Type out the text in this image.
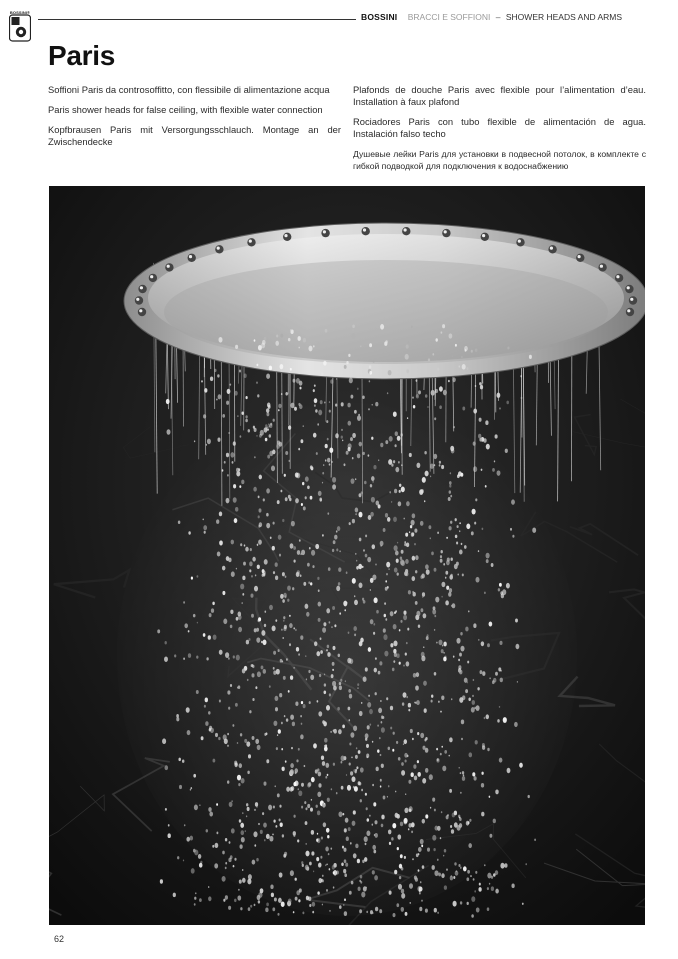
BOSSINI®	BOSSINI BRACCI E SOFFIONI – SHOWER HEADS AND ARMS
Paris

Soffioni Paris da controsoffitto, con flessibile di alimentazione acqua

Paris shower heads for false ceiling, with flexible water connection

Kopfbrausen Paris mit Versorgungsschlauch. Montage an der Zwischendecke

Plafonds de douche Paris avec flexible pour l’alimentation d’eau. Installation à faux plafond

Rociadores Paris con tubo flexible de alimentación de agua. Instalación falso techo

Душевые лейки Paris для установки в подвесной потолок, в комплекте с гибкой подводкой для подключения к водоснабжению

62
